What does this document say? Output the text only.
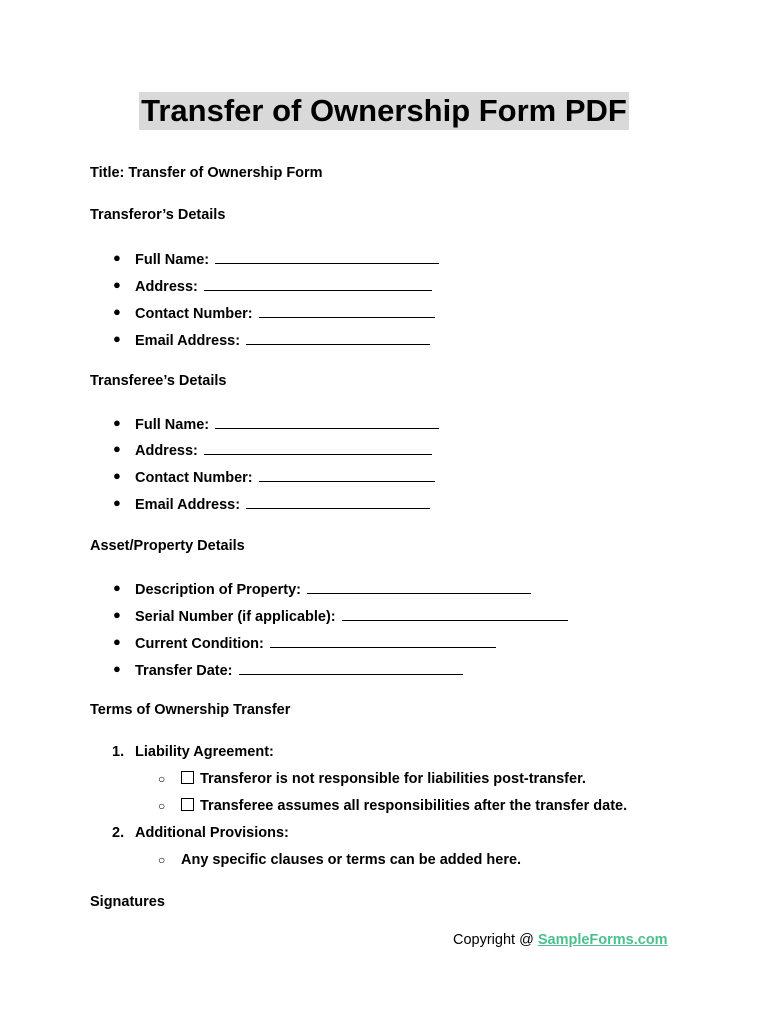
Transfer of Ownership Form PDF
Title: Transfer of Ownership Form
Transferor’s Details
● Full Name:
● Address:
● Contact Number:
● Email Address:
Transferee’s Details
● Full Name:
● Address:
● Contact Number:
● Email Address:
Asset/Property Details
● Description of Property:
● Serial Number (if applicable):
● Current Condition:
● Transfer Date:
Terms of Ownership Transfer
1. Liability Agreement:
○	Transferor is not responsible for liabilities post-transfer.
○	Transferee assumes all responsibilities after the transfer date.
2. Additional Provisions:
○ Any specific clauses or terms can be added here.
Signatures
Copyright @ SampleForms.com
